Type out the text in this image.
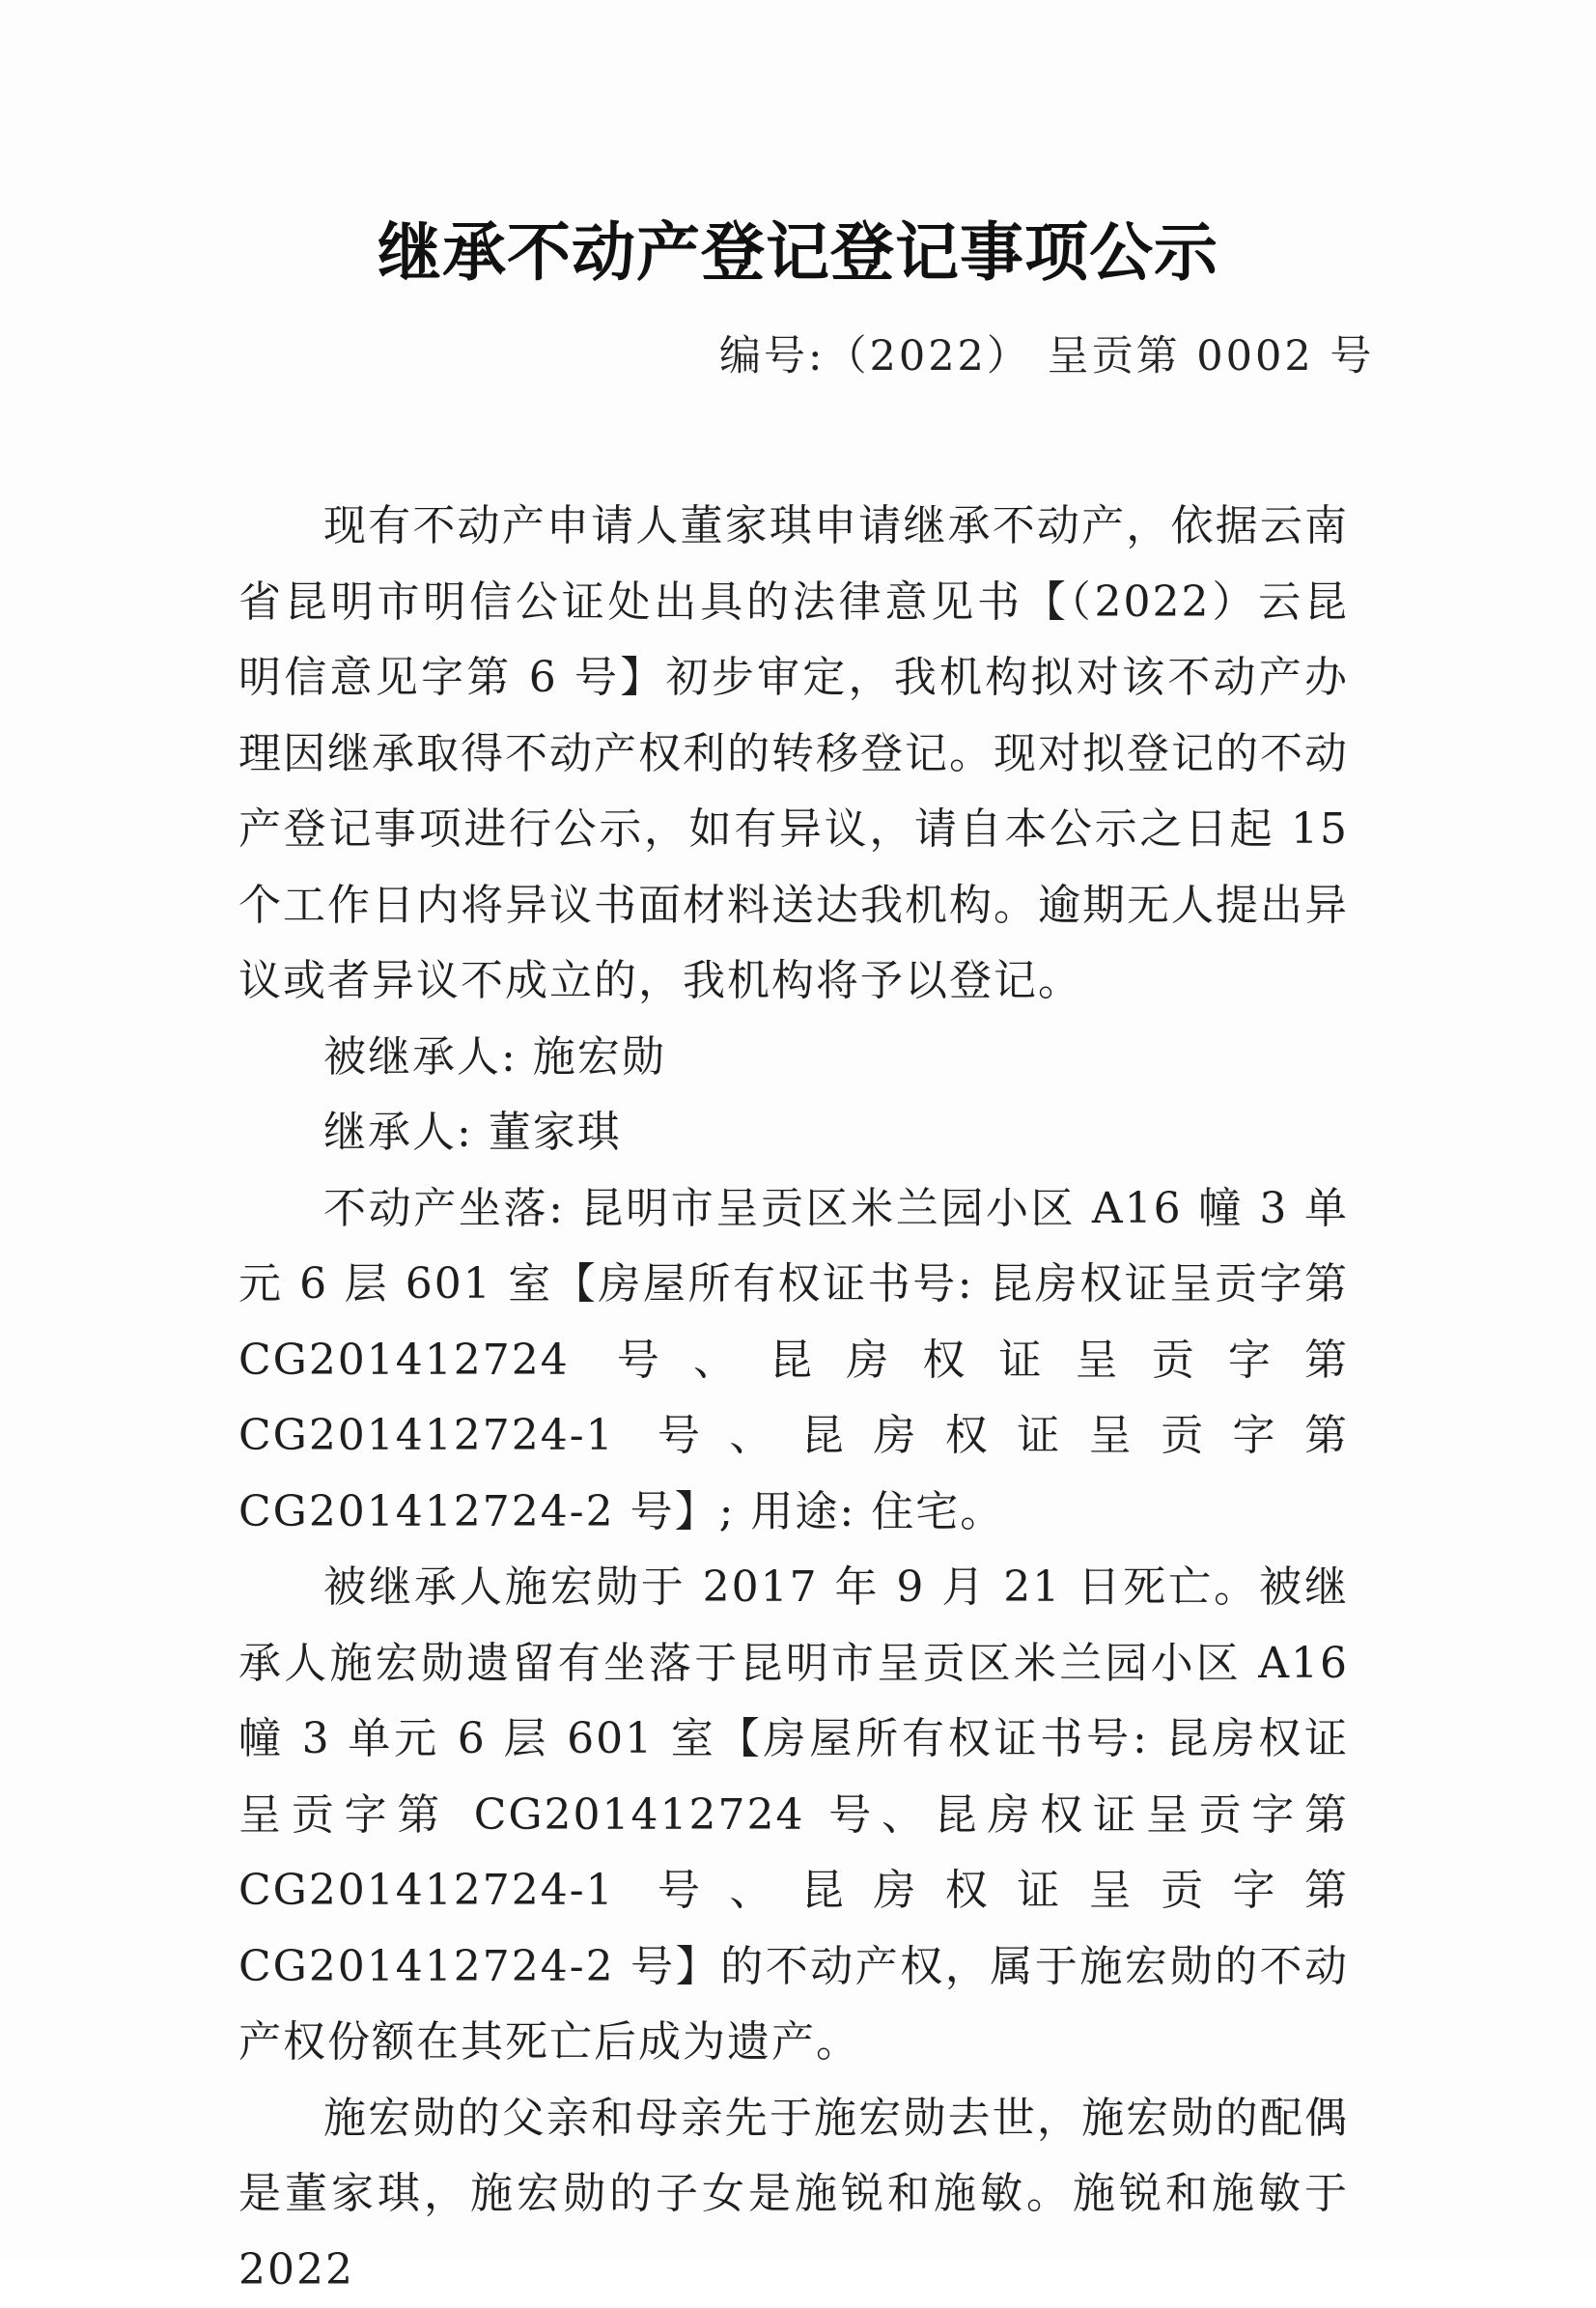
继承不动产登记登记事项公示
编号:（2022） 呈贡第 0002 号

现有不动产申请人董家琪申请继承不动产，依据云南省昆明市明信公证处出具的法律意见书【（2022）云昆明信意见字第 6 号】初步审定，我机构拟对该不动产办理因继承取得不动产权利的转移登记。现对拟登记的不动产登记事项进行公示，如有异议，请自本公示之日起 15 个工作日内将异议书面材料送达我机构。逾期无人提出异议或者异议不成立的，我机构将予以登记。

被继承人: 施宏勋

继承人: 董家琪

不动产坐落: 昆明市呈贡区米兰园小区 A16 幢 3 单元 6 层 601 室【房屋所有权证书号: 昆房权证呈贡字第 CG201412724 号、昆房权证呈贡字第 CG201412724-1 号、昆房权证呈贡字第 CG201412724-2 号】; 用途: 住宅。

被继承人施宏勋于 2017 年 9 月 21 日死亡。被继承人施宏勋遗留有坐落于昆明市呈贡区米兰园小区 A16 幢 3 单元 6 层 601 室【房屋所有权证书号: 昆房权证呈贡字第 CG201412724 号、昆房权证呈贡字第 CG201412724-1 号、昆房权证呈贡字第 CG201412724-2 号】的不动产权，属于施宏勋的不动产权份额在其死亡后成为遗产。

施宏勋的父亲和母亲先于施宏勋去世，施宏勋的配偶是董家琪，施宏勋的子女是施锐和施敏。施锐和施敏于 2022
